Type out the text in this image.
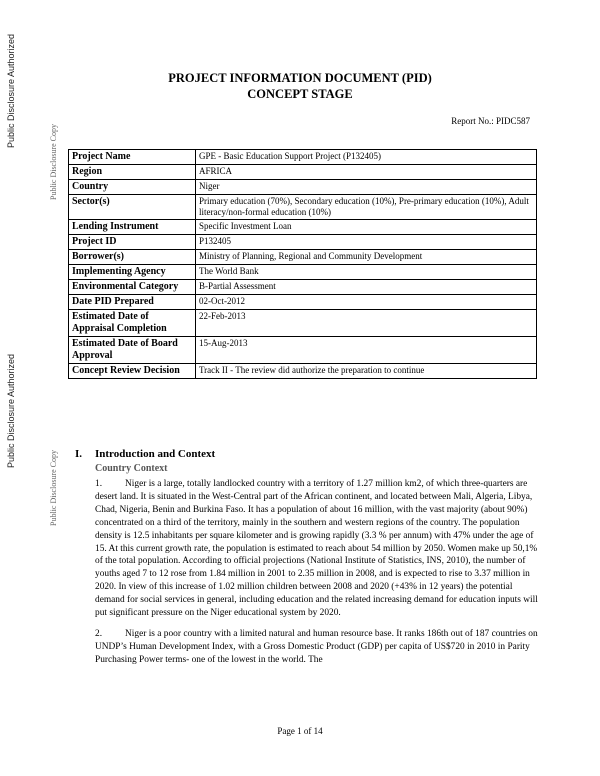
Public Disclosure Authorized
Public Disclosure Copy
Public Disclosure Authorized
Public Disclosure Copy
PROJECT INFORMATION DOCUMENT (PID)
CONCEPT STAGE
Report No.: PIDC587
Project Name	GPE - Basic Education Support Project (P132405)
Region	AFRICA
Country	Niger
Sector(s)	Primary education (70%), Secondary education (10%), Pre-primary education (10%), Adult literacy/non-formal education (10%)
Lending Instrument	Specific Investment Loan
Project ID	P132405
Borrower(s)	Ministry of Planning, Regional and Community Development
Implementing Agency	The World Bank
Environmental Category	B-Partial Assessment
Date PID Prepared	02-Oct-2012
Estimated Date of Appraisal Completion	22-Feb-2013
Estimated Date of Board Approval	15-Aug-2013
Concept Review Decision	Track II - The review did authorize the preparation to continue
I. Introduction and Context
Country Context

1. Niger is a large, totally landlocked country with a territory of 1.27 million km2, of which three-quarters are desert land. It is situated in the West-Central part of the African continent, and located between Mali, Algeria, Libya, Chad, Nigeria, Benin and Burkina Faso. It has a population of about 16 million, with the vast majority (about 90%) concentrated on a third of the territory, mainly in the southern and western regions of the country. The population density is 12.5 inhabitants per square kilometer and is growing rapidly (3.3 % per annum) with 47% under the age of 15. At this current growth rate, the population is estimated to reach about 54 million by 2050. Women make up 50,1% of the total population. According to official projections (National Institute of Statistics, INS, 2010), the number of youths aged 7 to 12 rose from 1.84 million in 2001 to 2.35 million in 2008, and is expected to rise to 3.37 million in 2020. In view of this increase of 1.02 million children between 2008 and 2020 (+43% in 12 years) the potential demand for social services in general, including education and the related increasing demand for education inputs will put significant pressure on the Niger educational system by 2020.

2. Niger is a poor country with a limited natural and human resource base. It ranks 186th out of 187 countries on UNDP’s Human Development Index, with a Gross Domestic Product (GDP) per capita of US$720 in 2010 in Parity Purchasing Power terms- one of the lowest in the world. The

Page 1 of 14
